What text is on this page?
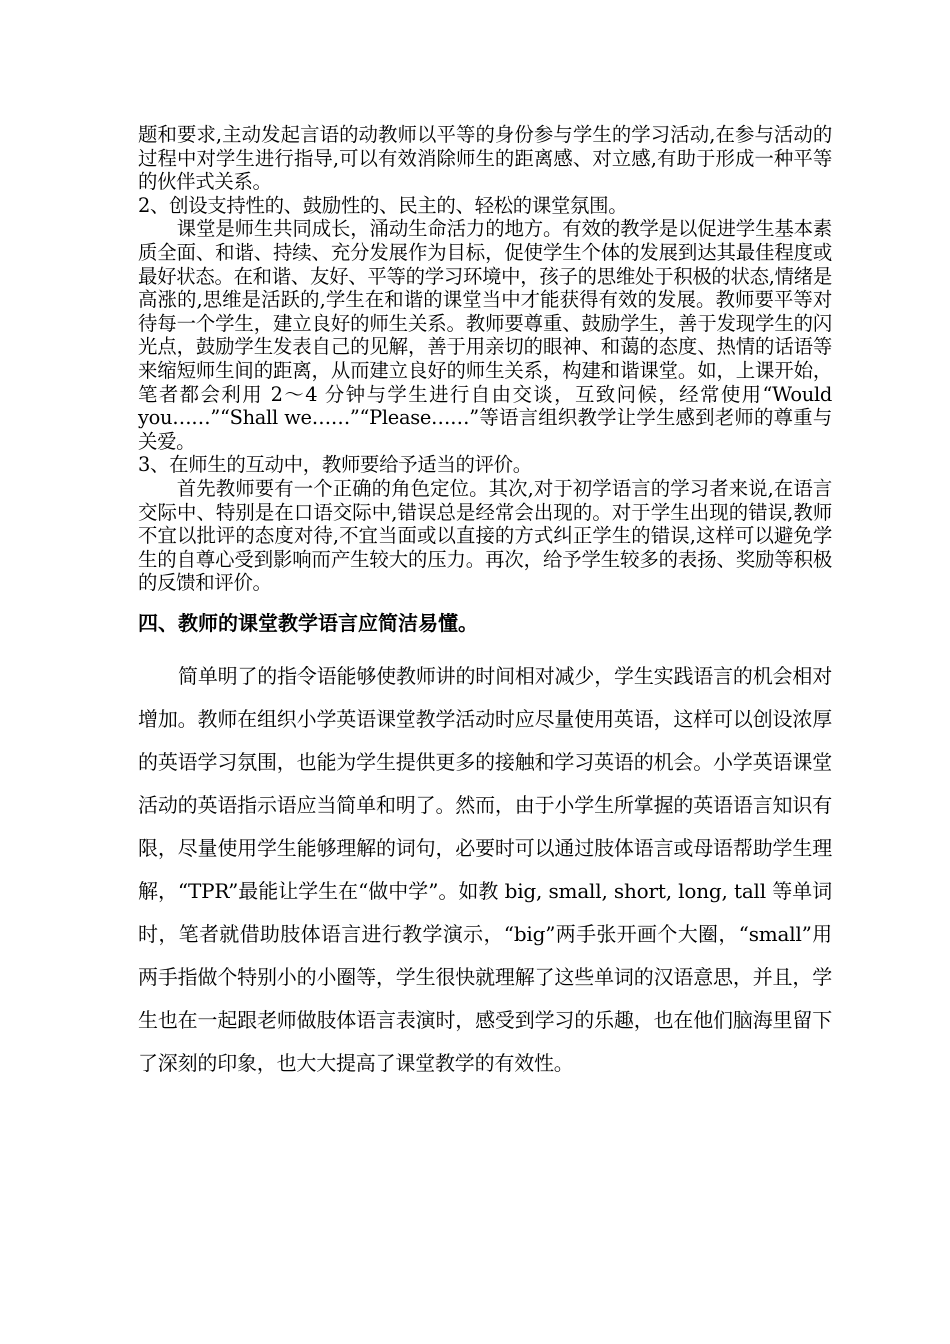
题和要求,主动发起言语的动教师以平等的身份参与学生的学习活动,在参与活动的过程中对学生进行指导,可以有效消除师生的距离感、对立感,有助于形成一种平等的伙伴式关系。

2、创设支持性的、鼓励性的、民主的、轻松的课堂氛围。

课堂是师生共同成长，涌动生命活力的地方。有效的教学是以促进学生基本素质全面、和谐、持续、充分发展作为目标，促使学生个体的发展到达其最佳程度或最好状态。在和谐、友好、平等的学习环境中，孩子的思维处于积极的状态,情绪是高涨的,思维是活跃的,学生在和谐的课堂当中才能获得有效的发展。教师要平等对待每一个学生，建立良好的师生关系。教师要尊重、鼓励学生，善于发现学生的闪光点，鼓励学生发表自己的见解，善于用亲切的眼神、和蔼的态度、热情的话语等来缩短师生间的距离，从而建立良好的师生关系，构建和谐课堂。如，上课开始，笔者都会利用 2～4 分钟与学生进行自由交谈，互致问候，经常使用“Would you……”“Shall we……”“Please……”等语言组织教学让学生感到老师的尊重与关爱。

3、在师生的互动中，教师要给予适当的评价。

首先教师要有一个正确的角色定位。其次,对于初学语言的学习者来说,在语言交际中、特别是在口语交际中,错误总是经常会出现的。对于学生出现的错误,教师不宜以批评的态度对待,不宜当面或以直接的方式纠正学生的错误,这样可以避免学生的自尊心受到影响而产生较大的压力。再次，给予学生较多的表扬、奖励等积极的反馈和评价。

四、教师的课堂教学语言应简洁易懂。

简单明了的指令语能够使教师讲的时间相对减少，学生实践语言的机会相对增加。教师在组织小学英语课堂教学活动时应尽量使用英语，这样可以创设浓厚的英语学习氛围，也能为学生提供更多的接触和学习英语的机会。小学英语课堂活动的英语指示语应当简单和明了。然而，由于小学生所掌握的英语语言知识有限，尽量使用学生能够理解的词句，必要时可以通过肢体语言或母语帮助学生理解，“TPR”最能让学生在“做中学”。如教 big, small, short, long, tall 等单词时，笔者就借助肢体语言进行教学演示，“big”两手张开画个大圈，“small”用两手指做个特别小的小圈等，学生很快就理解了这些单词的汉语意思，并且，学生也在一起跟老师做肢体语言表演时，感受到学习的乐趣，也在他们脑海里留下了深刻的印象，也大大提高了课堂教学的有效性。
